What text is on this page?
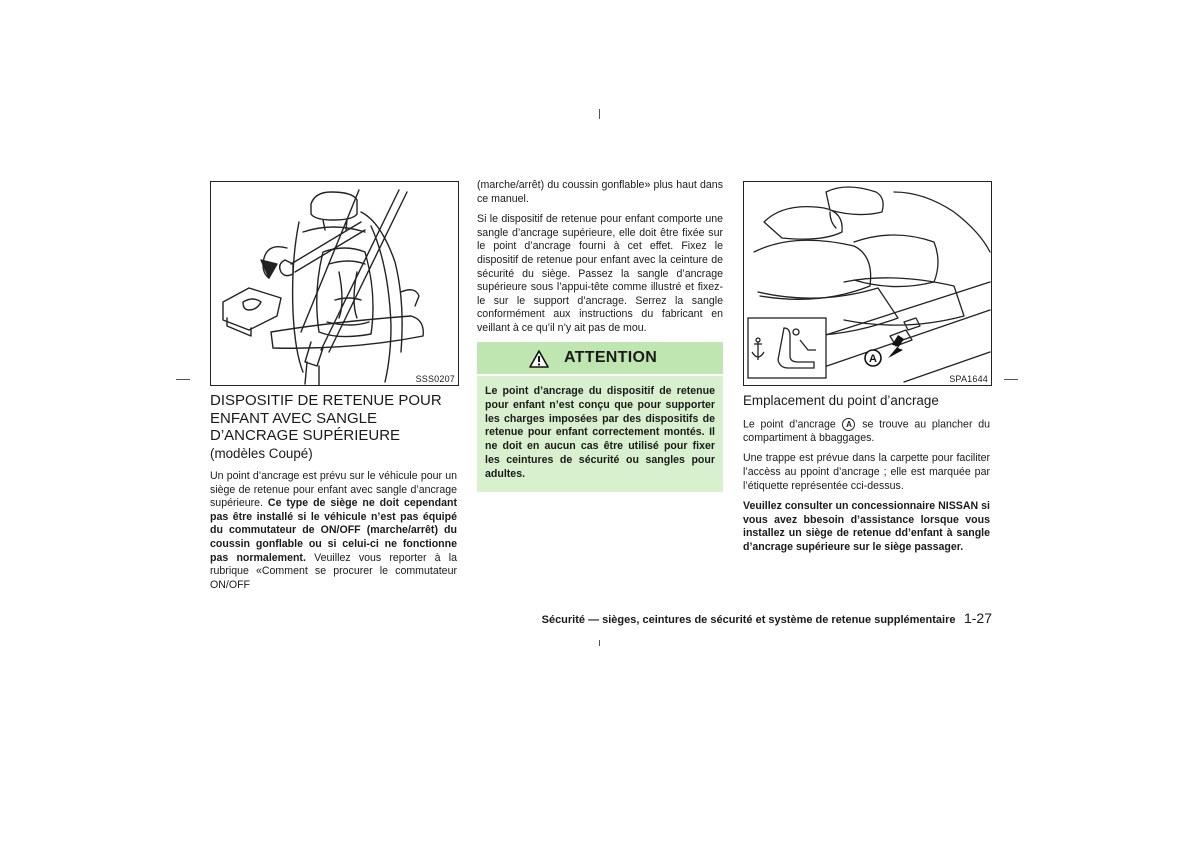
SSS0207

DISPOSITIF DE RETENUE POUR ENFANT AVEC SANGLE D’ANCRAGE SUPÉRIEURE (modèles Coupé)

Un point d’ancrage est prévu sur le véhicule pour un siège de retenue pour enfant avec sangle d’ancrage supérieure. Ce type de siège ne doit cependant pas être installé si le véhicule n’est pas équipé du commutateur de ON/OFF (marche/arrêt) du coussin gonflable ou si celui-ci ne fonctionne pas normalement. Veuillez vous reporter à la rubrique «Comment se procurer le commutateur ON/OFF

(marche/arrêt) du coussin gonflable» plus haut dans ce manuel.

Si le dispositif de retenue pour enfant comporte une sangle d’ancrage supérieure, elle doit être fixée sur le point d’ancrage fourni à cet effet. Fixez le dispositif de retenue pour enfant avec la ceinture de sécurité du siège. Passez la sangle d’ancrage supérieure sous l’appui-tête comme illustré et fixez-le sur le support d’ancrage. Serrez la sangle conformément aux instructions du fabricant en veillant à ce qu’il n’y ait pas de mou.

ATTENTION
Le point d’ancrage du dispositif de retenue pour enfant n’est conçu que pour supporter les charges imposées par des dispositifs de retenue pour enfant correctement montés. Il ne doit en aucun cas être utilisé pour fixer les ceintures de sécurité ou sangles pour adultes.
A
SPA1644

Emplacement du point d’ancrage

Le point d’ancrage A se trouve au plancher du compartiment à bbaggages.

Une trappe est prévue dans la carpette pour faciliter l’accèss au ppoint d’ancrage ; elle est marquée par l’étiquette représentée cci-dessus.

Veuillez consulter un concessionnaire NISSAN si vous avez bbesoin d’assistance lorsque vous installez un siège de retenue dd’enfant à sangle d’ancrage supérieure sur le siège passager.

Sécurité — sièges, ceintures de sécurité et système de retenue supplémentaire 1-27
